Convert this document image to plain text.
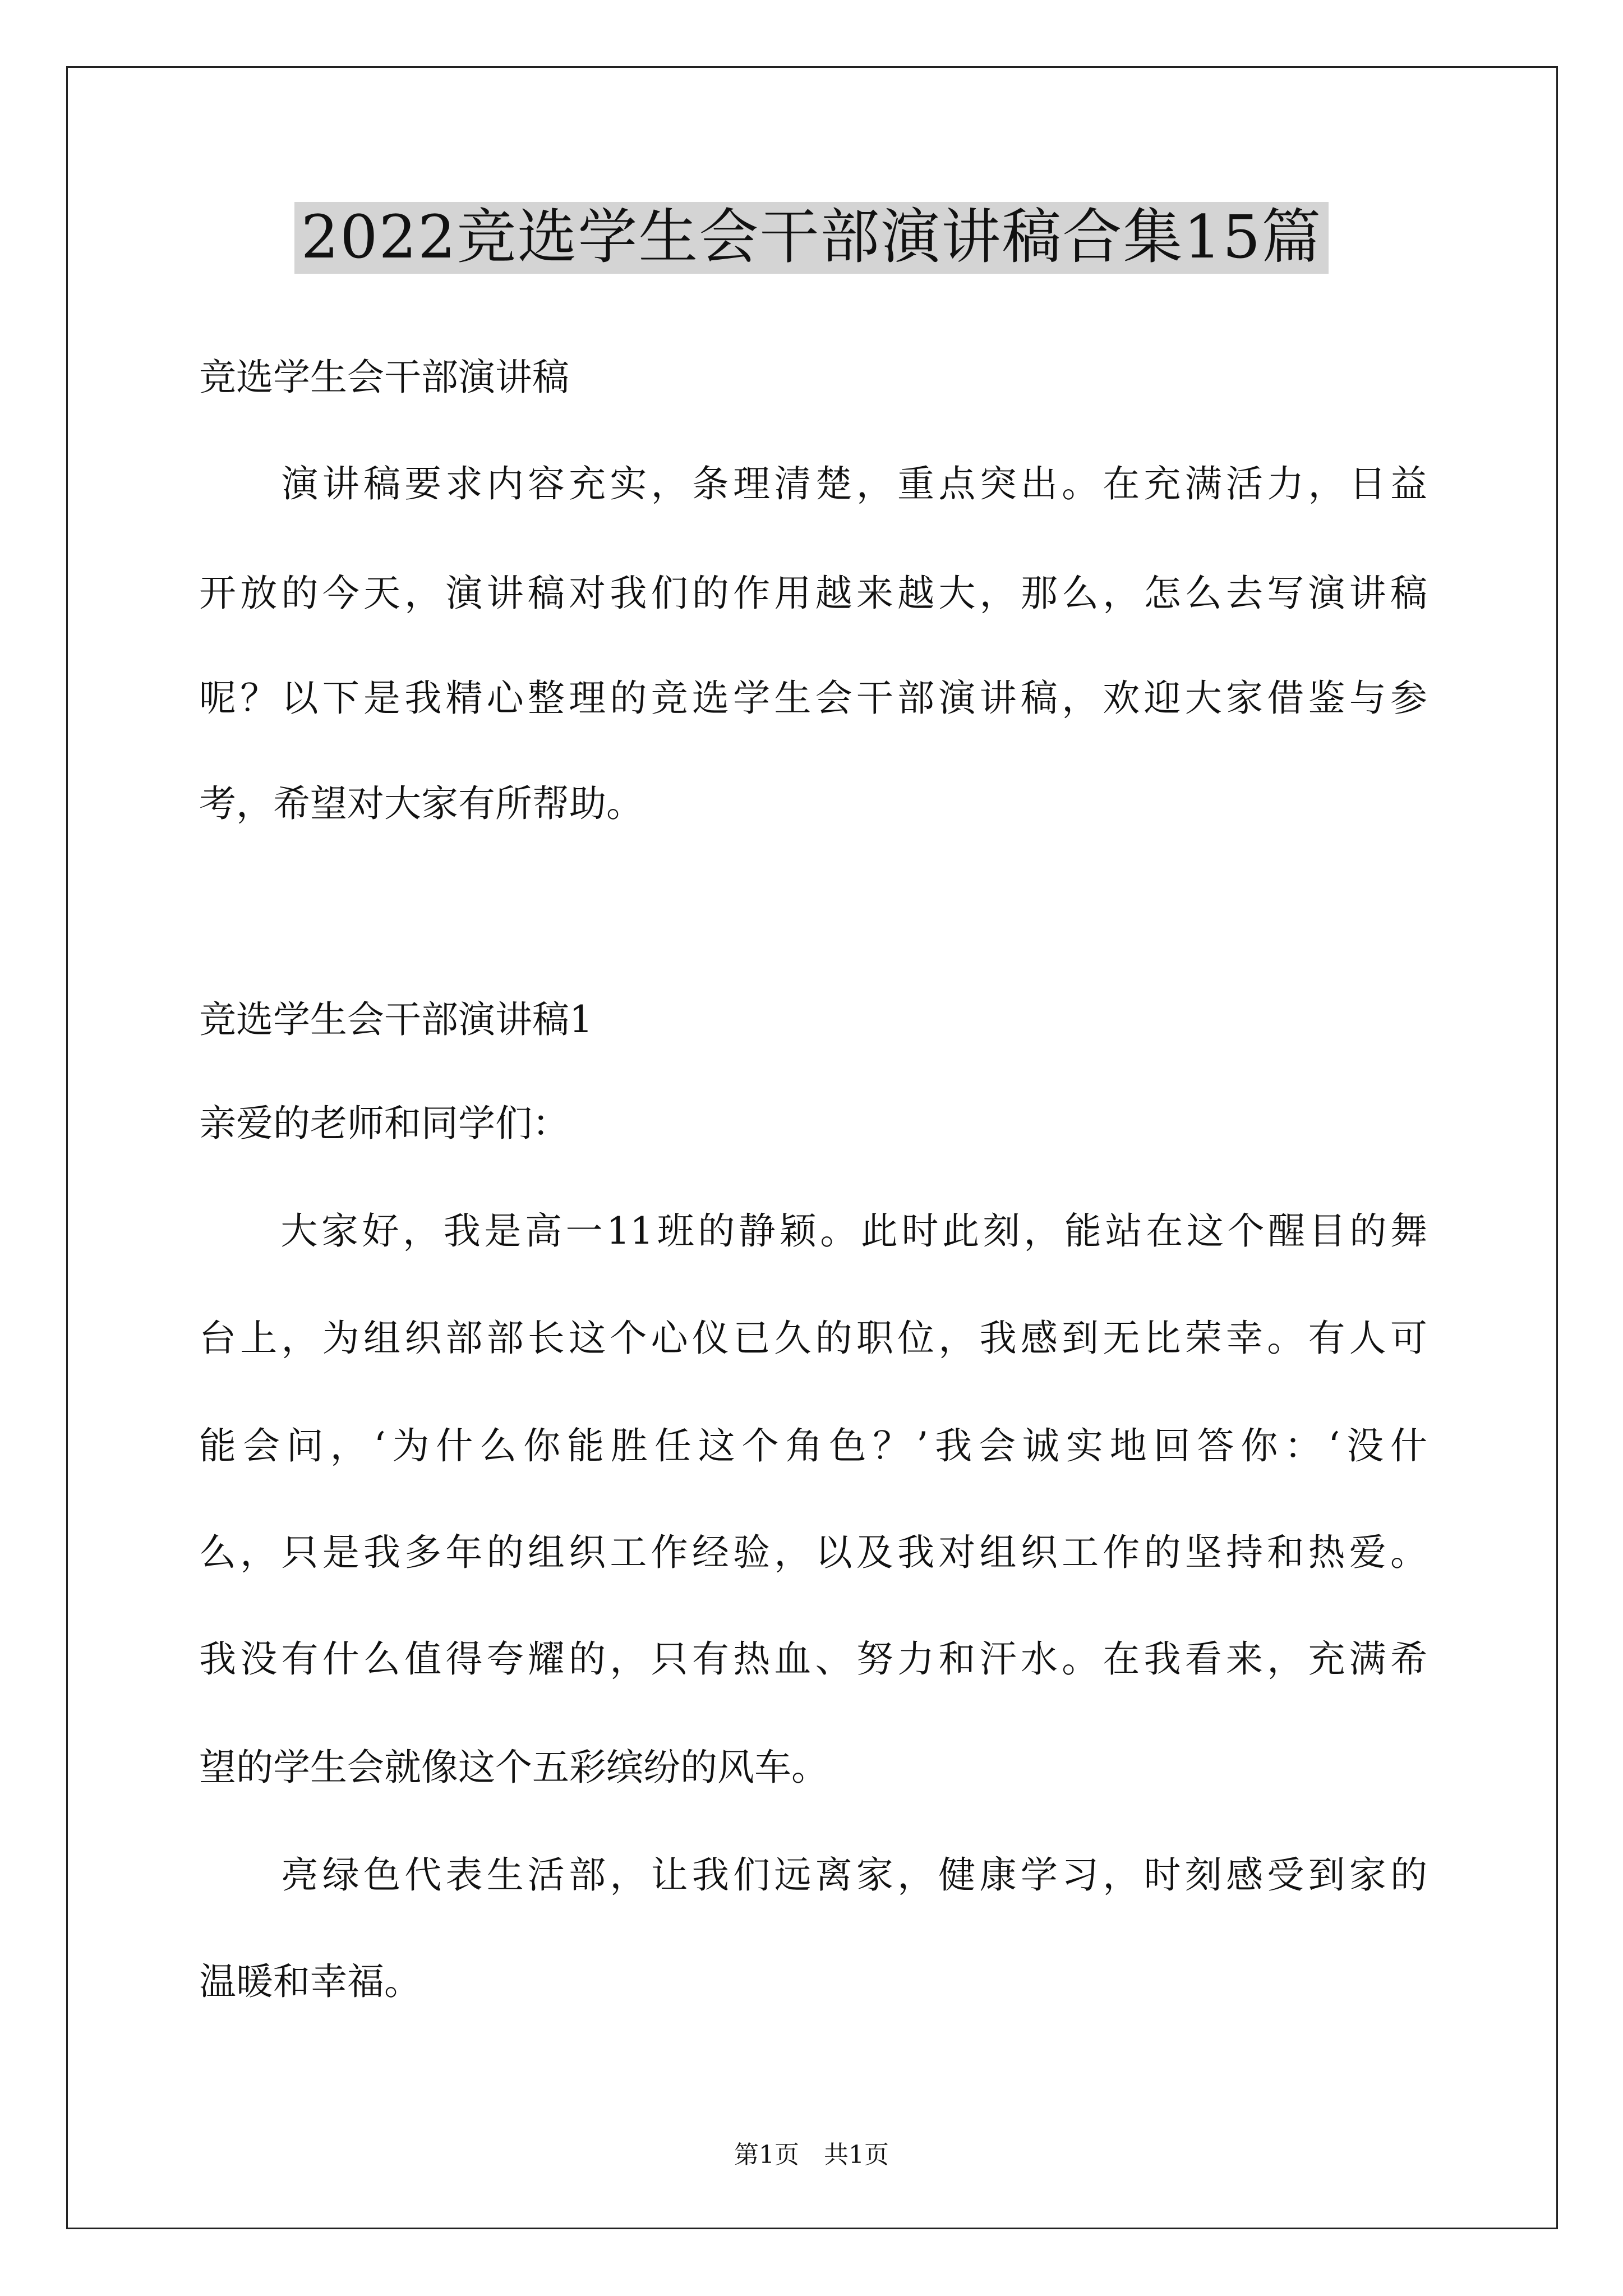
2022竞选学生会干部演讲稿合集15篇
竞选学生会干部演讲稿
　　演讲稿要求内容充实，条理清楚，重点突出。在充满活力，日益
开放的今天，演讲稿对我们的作用越来越大，那么，怎么去写演讲稿
呢？以下是我精心整理的竞选学生会干部演讲稿，欢迎大家借鉴与参
考，希望对大家有所帮助。
竞选学生会干部演讲稿1
亲爱的老师和同学们：
　　大家好，我是高一11班的静颖。此时此刻，能站在这个醒目的舞
台上，为组织部部长这个心仪已久的职位，我感到无比荣幸。有人可
能会问，‘为什么你能胜任这个角色？’我会诚实地回答你：‘没什
么，只是我多年的组织工作经验，以及我对组织工作的坚持和热爱。
我没有什么值得夸耀的，只有热血、努力和汗水。在我看来，充满希
望的学生会就像这个五彩缤纷的风车。
　　亮绿色代表生活部，让我们远离家，健康学习，时刻感受到家的
温暖和幸福。
第1页　共1页
